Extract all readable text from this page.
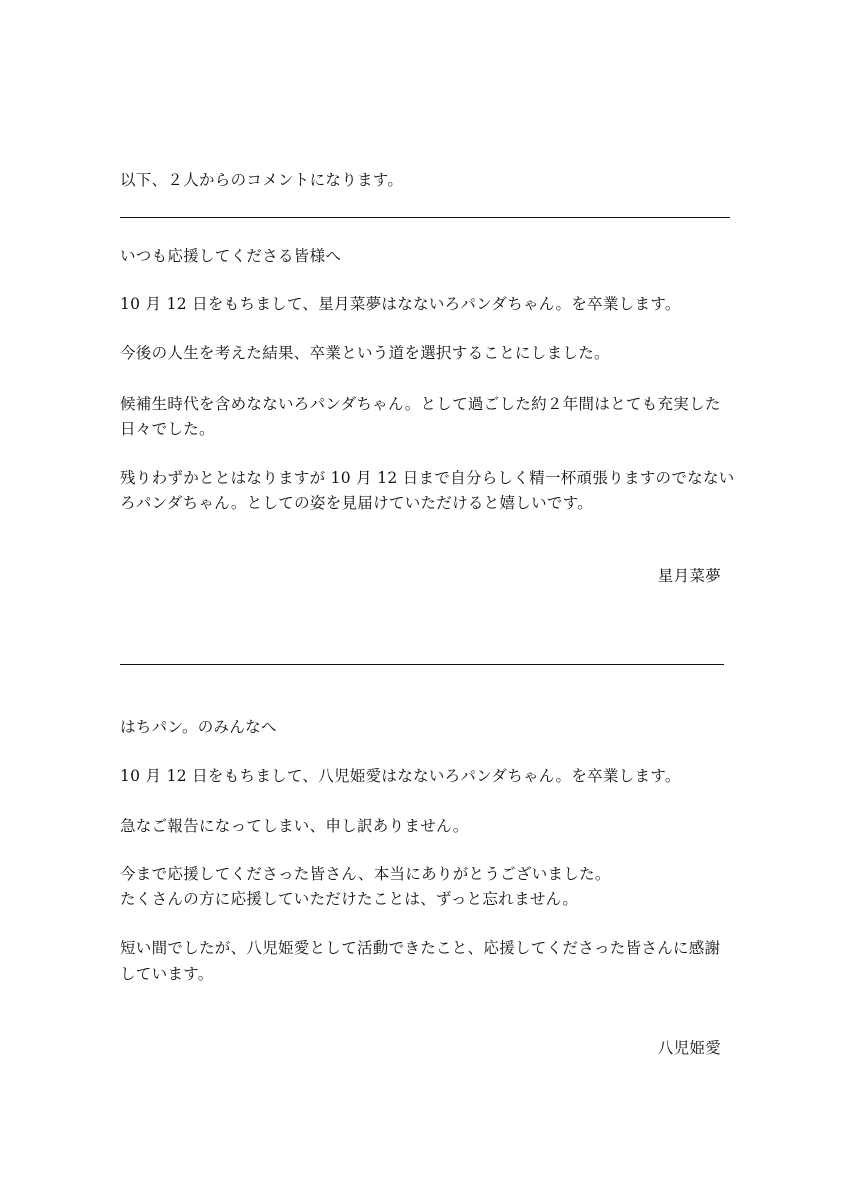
以下、２人からのコメントになります。
いつも応援してくださる皆様へ
10 月 12 日をもちまして、星月菜夢はなないろパンダちゃん。を卒業します。
今後の人生を考えた結果、卒業という道を選択することにしました。
候補生時代を含めなないろパンダちゃん。として過ごした約２年間はとても充実した
日々でした。
残りわずかととはなりますが 10 月 12 日まで自分らしく精一杯頑張りますのでなない
ろパンダちゃん。としての姿を見届けていただけると嬉しいです。
星月菜夢
はちパン。のみんなへ
10 月 12 日をもちまして、八児姫愛はなないろパンダちゃん。を卒業します。
急なご報告になってしまい、申し訳ありません。
今まで応援してくださった皆さん、本当にありがとうございました。
たくさんの方に応援していただけたことは、ずっと忘れません。
短い間でしたが、八児姫愛として活動できたこと、応援してくださった皆さんに感謝
しています。
八児姫愛
